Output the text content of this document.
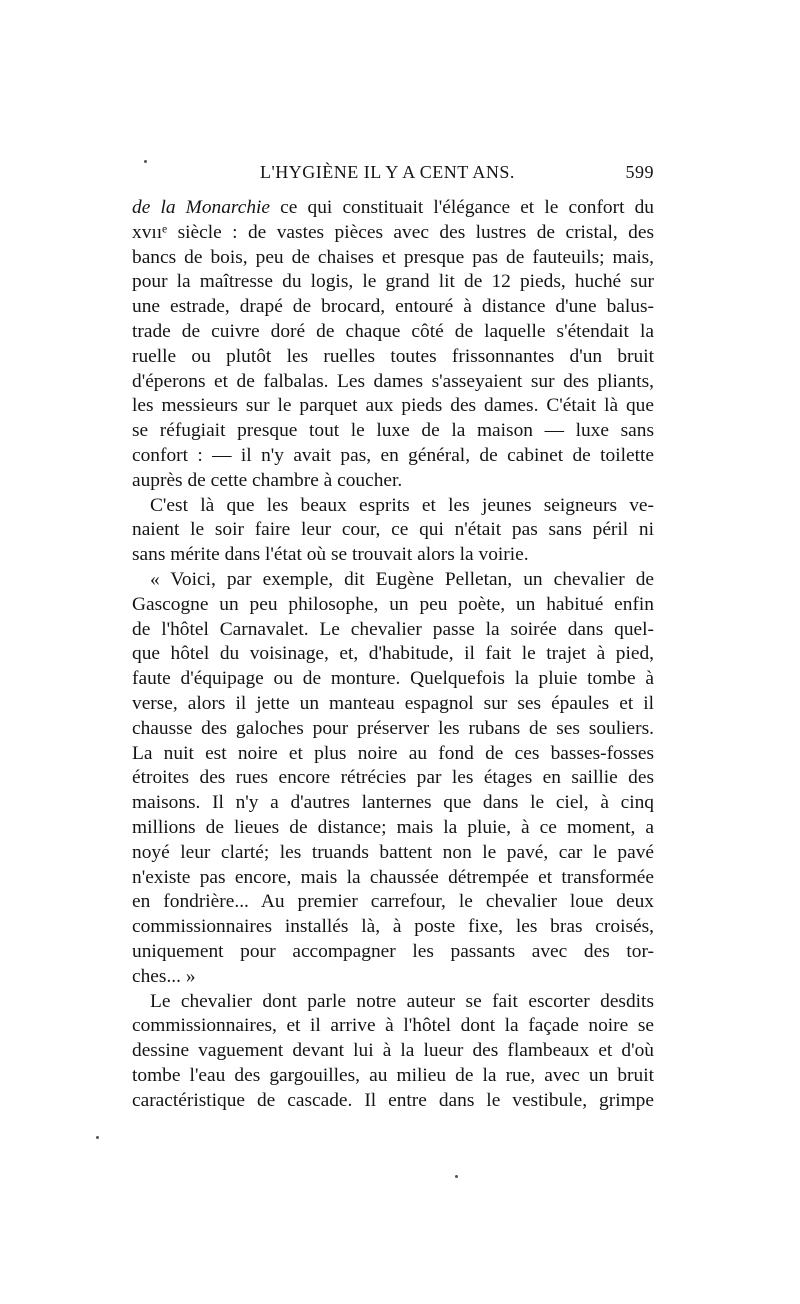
L'HYGIÈNE IL Y A CENT ANS.	599
de la Monarchie ce qui constituait l'élégance et le confort du
xvııᵉ siècle : de vastes pièces avec des lustres de cristal, des
bancs de bois, peu de chaises et presque pas de fauteuils; mais,
pour la maîtresse du logis, le grand lit de 12 pieds, huché sur
une estrade, drapé de brocard, entouré à distance d'une balus-
trade de cuivre doré de chaque côté de laquelle s'étendait la
ruelle ou plutôt les ruelles toutes frissonnantes d'un bruit
d'éperons et de falbalas. Les dames s'asseyaient sur des pliants,
les messieurs sur le parquet aux pieds des dames. C'était là que
se réfugiait presque tout le luxe de la maison — luxe sans
confort : — il n'y avait pas, en général, de cabinet de toilette
auprès de cette chambre à coucher.
C'est là que les beaux esprits et les jeunes seigneurs ve-
naient le soir faire leur cour, ce qui n'était pas sans péril ni
sans mérite dans l'état où se trouvait alors la voirie.
« Voici, par exemple, dit Eugène Pelletan, un chevalier de
Gascogne un peu philosophe, un peu poète, un habitué enfin
de l'hôtel Carnavalet. Le chevalier passe la soirée dans quel-
que hôtel du voisinage, et, d'habitude, il fait le trajet à pied,
faute d'équipage ou de monture. Quelquefois la pluie tombe à
verse, alors il jette un manteau espagnol sur ses épaules et il
chausse des galoches pour préserver les rubans de ses souliers.
La nuit est noire et plus noire au fond de ces basses-fosses
étroites des rues encore rétrécies par les étages en saillie des
maisons. Il n'y a d'autres lanternes que dans le ciel, à cinq
millions de lieues de distance; mais la pluie, à ce moment, a
noyé leur clarté; les truands battent non le pavé, car le pavé
n'existe pas encore, mais la chaussée détrempée et transformée
en fondrière... Au premier carrefour, le chevalier loue deux
commissionnaires installés là, à poste fixe, les bras croisés,
uniquement pour accompagner les passants avec des tor-
ches... »
Le chevalier dont parle notre auteur se fait escorter desdits
commissionnaires, et il arrive à l'hôtel dont la façade noire se
dessine vaguement devant lui à la lueur des flambeaux et d'où
tombe l'eau des gargouilles, au milieu de la rue, avec un bruit
caractéristique de cascade. Il entre dans le vestibule, grimpe
